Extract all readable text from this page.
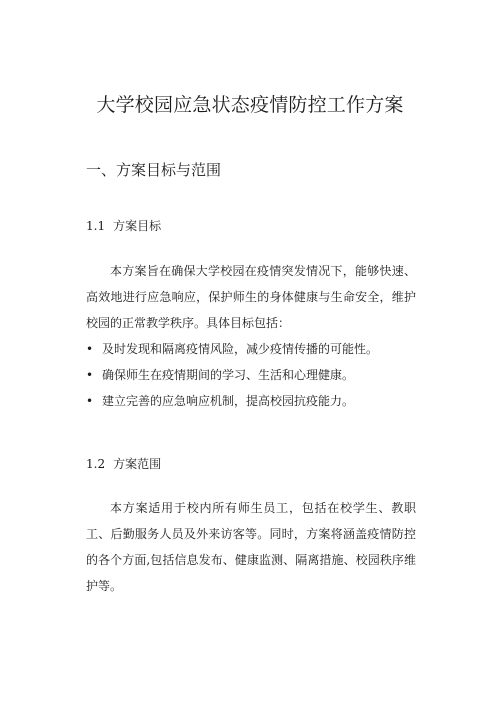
大学校园应急状态疫情防控工作方案
一、方案目标与范围
1.1 方案目标

本方案旨在确保大学校园在疫情突发情况下，能够快速、高效地进行应急响应，保护师生的身体健康与生命安全，维护校园的正常教学秩序。具体目标包括：

• 及时发现和隔离疫情风险，减少疫情传播的可能性。
• 确保师生在疫情期间的学习、生活和心理健康。
• 建立完善的应急响应机制，提高校园抗疫能力。
1.2 方案范围

本方案适用于校内所有师生员工，包括在校学生、教职工、后勤服务人员及外来访客等。同时，方案将涵盖疫情防控的各个方面,包括信息发布、健康监测、隔离措施、校园秩序维护等。
